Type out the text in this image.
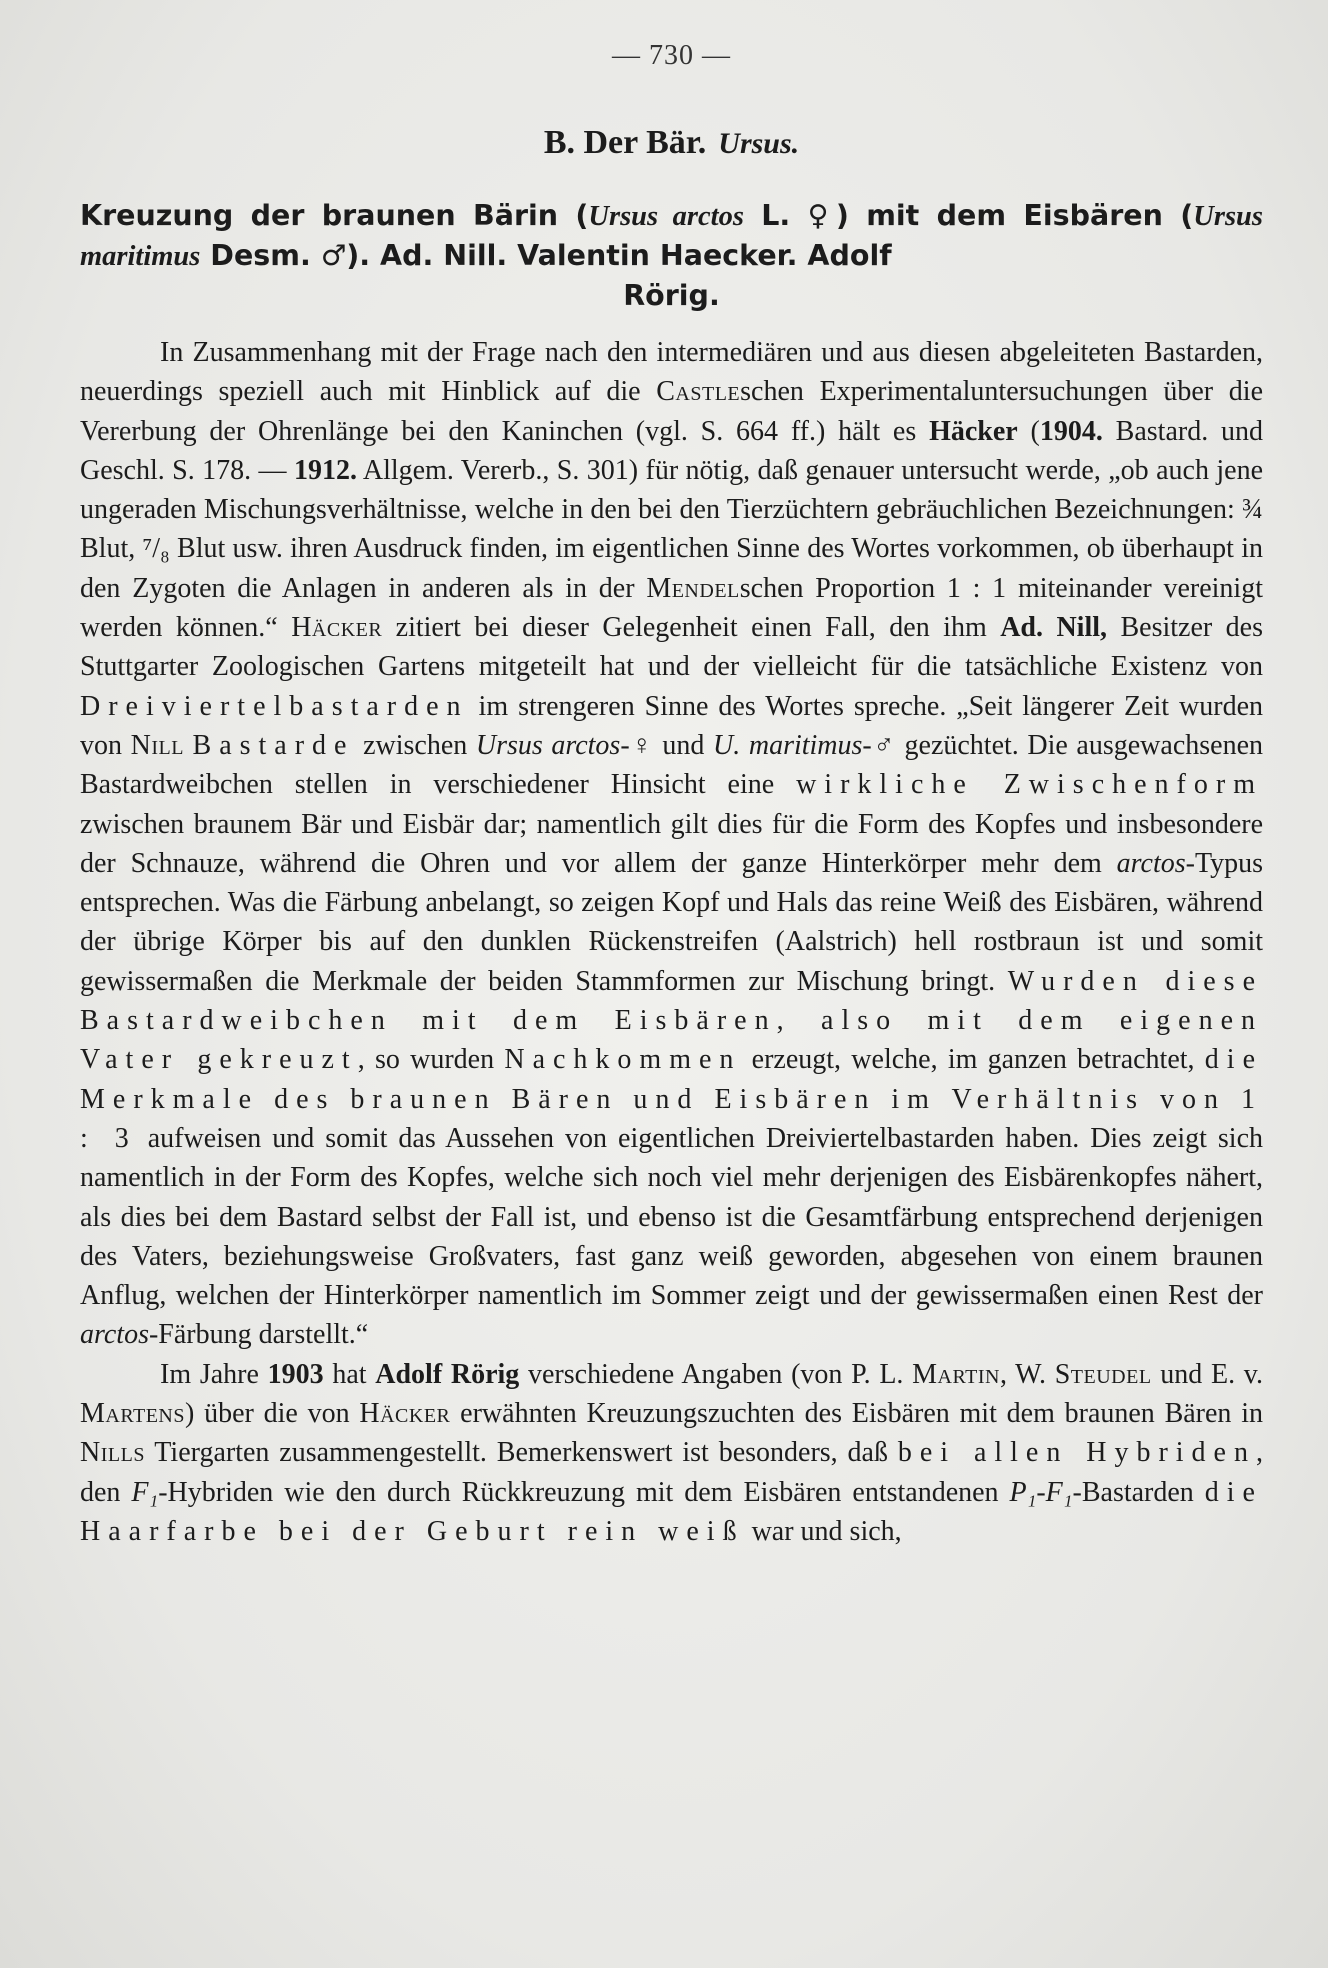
— 730 —
B. Der Bär. Ursus.

Kreuzung der braunen Bärin (Ursus arctos L. ♀) mit dem Eisbären (Ursus maritimus Desm. ♂). Ad. Nill. Valentin Haecker. Adolf
Rörig.

In Zusammenhang mit der Frage nach den intermediären und aus diesen abgeleiteten Bastarden, neuerdings speziell auch mit Hinblick auf die Castleschen Experimentaluntersuchungen über die Vererbung der Ohrenlänge bei den Kaninchen (vgl. S. 664 ff.) hält es Häcker (1904. Bastard. und Geschl. S. 178. — 1912. Allgem. Vererb., S. 301) für nötig, daß genauer untersucht werde, „ob auch jene ungeraden Mischungsverhältnisse, welche in den bei den Tierzüchtern gebräuchlichen Bezeichnungen: ¾ Blut, ⁷/₈ Blut usw. ihren Ausdruck finden, im eigentlichen Sinne des Wortes vorkommen, ob überhaupt in den Zygoten die Anlagen in anderen als in der Mendelschen Proportion 1 : 1 miteinander vereinigt werden können.“ Häcker zitiert bei dieser Gelegenheit einen Fall, den ihm Ad. Nill, Besitzer des Stuttgarter Zoologischen Gartens mitgeteilt hat und der vielleicht für die tatsächliche Existenz von Dreiviertelbastarden im strengeren Sinne des Wortes spreche. „Seit längerer Zeit wurden von Nill Bastarde zwischen Ursus arctos-♀ und U. maritimus-♂ gezüchtet. Die ausgewachsenen Bastardweibchen stellen in verschiedener Hinsicht eine wirkliche Zwischenform zwischen braunem Bär und Eisbär dar; namentlich gilt dies für die Form des Kopfes und insbesondere der Schnauze, während die Ohren und vor allem der ganze Hinterkörper mehr dem arctos-Typus entsprechen. Was die Färbung anbelangt, so zeigen Kopf und Hals das reine Weiß des Eisbären, während der übrige Körper bis auf den dunklen Rückenstreifen (Aalstrich) hell rostbraun ist und somit gewissermaßen die Merkmale der beiden Stammformen zur Mischung bringt. Wurden diese Bastardweibchen mit dem Eisbären, also mit dem eigenen Vater gekreuzt, so wurden Nachkommen erzeugt, welche, im ganzen betrachtet, die Merkmale des braunen Bären und Eisbären im Verhältnis von 1 : 3 aufweisen und somit das Aussehen von eigentlichen Dreiviertelbastarden haben. Dies zeigt sich namentlich in der Form des Kopfes, welche sich noch viel mehr derjenigen des Eisbärenkopfes nähert, als dies bei dem Bastard selbst der Fall ist, und ebenso ist die Gesamtfärbung entsprechend derjenigen des Vaters, beziehungsweise Großvaters, fast ganz weiß geworden, abgesehen von einem braunen Anflug, welchen der Hinterkörper namentlich im Sommer zeigt und der gewissermaßen einen Rest der arctos-Färbung darstellt.“

Im Jahre 1903 hat Adolf Rörig verschiedene Angaben (von P. L. Martin, W. Steudel und E. v. Martens) über die von Häcker erwähnten Kreuzungszuchten des Eisbären mit dem braunen Bären in Nills Tiergarten zusammengestellt. Bemerkenswert ist besonders, daß bei allen Hybriden, den F₁-Hybriden wie den durch Rückkreuzung mit dem Eisbären entstandenen P₁-F₁-Bastarden die Haarfarbe bei der Geburt rein weiß war und sich,
